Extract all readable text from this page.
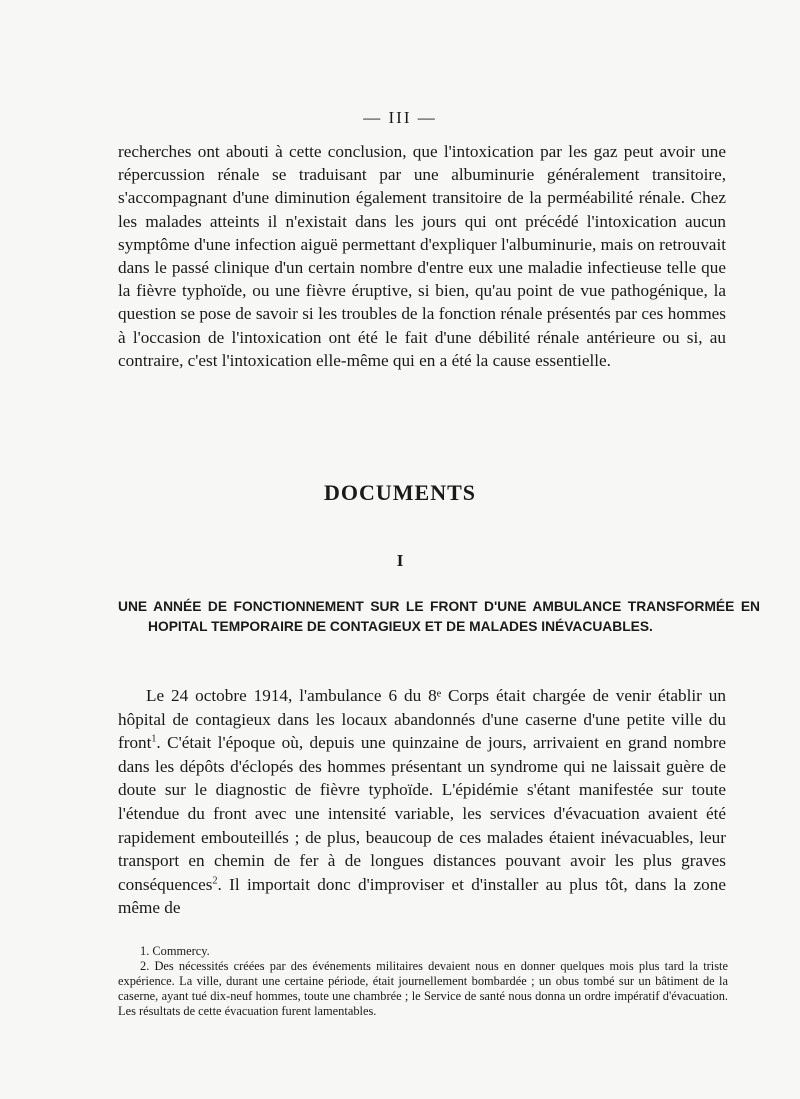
— III —

recherches ont abouti à cette conclusion, que l'intoxication par les gaz peut avoir une répercussion rénale se traduisant par une albuminurie généralement transitoire, s'accompagnant d'une diminution également transitoire de la perméabilité rénale. Chez les malades atteints il n'existait dans les jours qui ont précédé l'intoxication aucun symptôme d'une infection aiguë permettant d'expliquer l'albuminurie, mais on retrouvait dans le passé clinique d'un certain nombre d'entre eux une maladie infectieuse telle que la fièvre typhoïde, ou une fièvre éruptive, si bien, qu'au point de vue pathogénique, la question se pose de savoir si les troubles de la fonction rénale présentés par ces hommes à l'occasion de l'intoxication ont été le fait d'une débilité rénale antérieure ou si, au contraire, c'est l'intoxication elle-même qui en a été la cause essentielle.

DOCUMENTS
I
UNE ANNÉE DE FONCTIONNEMENT SUR LE FRONT D'UNE AMBULANCE TRANSFORMÉE EN HOPITAL TEMPORAIRE DE CONTAGIEUX ET DE MALADES INÉVACUABLES.

Le 24 octobre 1914, l'ambulance 6 du 8ᵉ Corps était chargée de venir établir un hôpital de contagieux dans les locaux abandonnés d'une caserne d'une petite ville du front$^1$. C'était l'époque où, depuis une quinzaine de jours, arrivaient en grand nombre dans les dépôts d'éclopés des hommes présentant un syndrome qui ne laissait guère de doute sur le diagnostic de fièvre typhoïde. L'épidémie s'étant manifestée sur toute l'étendue du front avec une intensité variable, les services d'évacuation avaient été rapidement embouteillés ; de plus, beaucoup de ces malades étaient inévacuables, leur transport en chemin de fer à de longues distances pouvant avoir les plus graves conséquences$^2$. Il importait donc d'improviser et d'installer au plus tôt, dans la zone même de

1. Commercy.

2. Des nécessités créées par des événements militaires devaient nous en donner quelques mois plus tard la triste expérience. La ville, durant une certaine période, était journellement bombardée ; un obus tombé sur un bâtiment de la caserne, ayant tué dix-neuf hommes, toute une chambrée ; le Service de santé nous donna un ordre impératif d'évacuation. Les résultats de cette évacuation furent lamentables.
